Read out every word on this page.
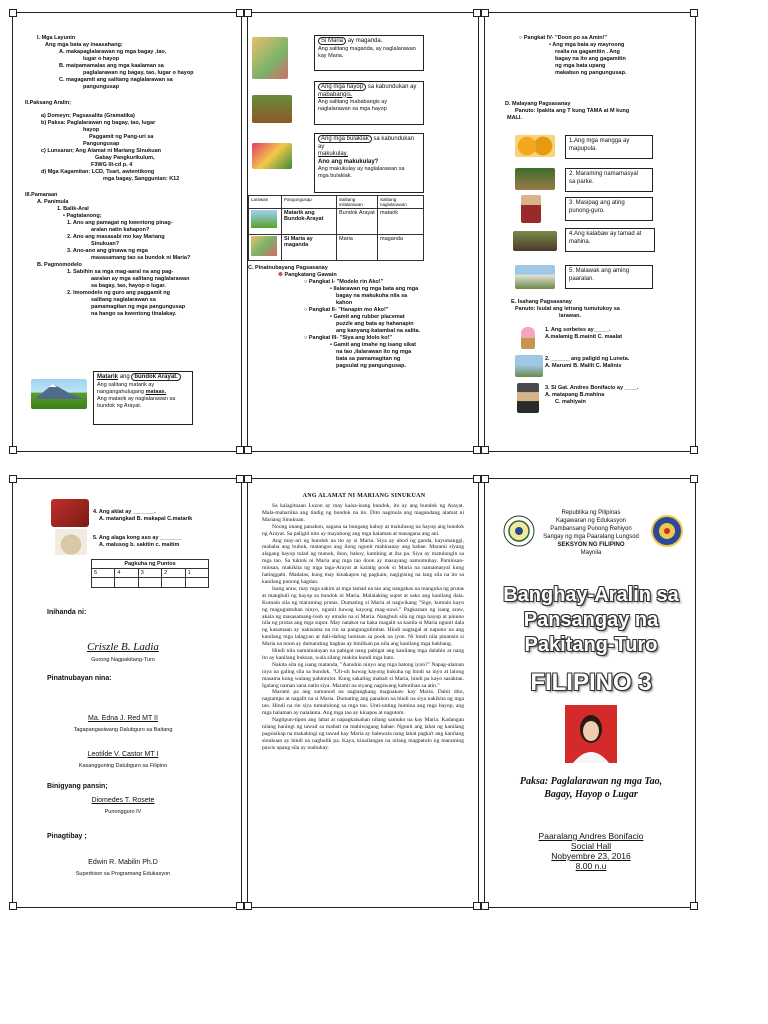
I. Mga Layunin
Ang mga bata ay inaasahang;
A. makapaglalarawan ng mga bagay ,tao,
lugar o hayop
B. maipamamalas ang mga kaalaman sa
paglalarawan ng bagay, tao, lugar o hayop
C. magagamit ang salitang naglalarawan sa
pangungusap
II.Paksang Aralin;
a) Domeyn; Pagsasalita (Gramatika)
b) Paksa: Paglalarawan ng bagay, tao, lugar
hayop
Paggamit ng Pang-uri sa
Pangungusap
c) Lunsaran; Ang Alamat ni Mariang Sinukuan
Gabay Pangkurikulum,
F3WG IIl-cd p. 4
d) Mga Kagamitan: LCD, Tsart, awtentikong
mga bagay, Sanggunian: K12
III.Pamaraan
A. Panimula
1. Balik-Aral
• Pagtatanong;
1. Ano ang pamagat ng kwentong pinag-
aralan natin kahapon?
2. Ano ang masasabi mo kay Mariang
Sinukuan?
3. Ano-ano ang ginawa ng mga
masasamang tao sa bundok ni Maria?
B. Pagmomodelo
1. Sabihin sa mga mag-aaral na ang pag-
aaralan ay mga salitang naglalarawan
sa bagay, tao, hayop o lugar.
2. Imomodelo ng guro ang paggamit ng
salitang naglalarawan sa
pamamagitan ng mga pangungusap
na hango sa kwentong tinalakay.
Matarik ang bundok Arayat.
Ang salitang matarik ay
nangangahulugang mataas.
Ang matarik ay naglalarawan sa
bundok ng Arayat.
Si Maria ay maganda.
Ang salitang maganda, ay naglalarawan
kay Maria.
Ang mga hayop sa kabundukan ay
mababangis.
Ang salitang mababangis ay
naglalarawan sa mga hayop
Ang mga bulaklak sa kabundukan ay
makukulay.
Ano ang makukulay?
Ang makukulay ay naglalarawan sa
mga bulaklak.
Larawan	Pangungusap	Salitang inilalarawan	Salitang naglalarawan

	Matarik ang Bundok-Arayat	Bundok Arayat	matarik

	Si Maria ay maganda	Maria	maganda
C. Pinatnubayang Pagsasanay
☸ Pangkatang Gawain
○ Pangkat I- "Modelo rin Ako!"
• Ilalarawan ng mga bata ang mga
bagay na makukuha nila sa
kahon
○ Pangkat II- "Hanapin mo Ako!"
• Gamit ang rubber placemat
puzzle ang bata ay hahanapin
ang kanyang katambal na salita.
○ Pangkat III- "Siya ang Idolo ko!"
• Gamit ang imahe ng isang sikat
na tao ,ilalarawan ito ng mga
bata sa pamamagitan ng
pagsulat ng pangungusap.
○ Pangkat IV- "Doon po sa Amin!"
• Ang mga bata ay mayroong
realia na gagamitin . Ang
bagay na ito ang gagamitin
ng mga bata upang
makabuo ng pangungusap.
D. Malayang Pagsasanay
Panuto: Ipakita ang T kung TAMA at M kung
MALI.
1.Ang mga mangga ay
mapupula.
2. Maraming namamasyal
sa parke.
3. Masipag ang ating
punong-guro.
4.Ang kalabaw ay tamad at
mahina.
5. Malawak ang aming
paaralan.
E. Isahang Pagsasanay
Panuto: Isulat ang letrang tumutukoy sa
larawan.
1. Ang sorbetes ay_____.
A.malamig B.mainit C. maalat
2. ______ ang paligid ng Luneta.
A. Marumi B. Malilt C. Malinis
3. Si Gat. Andres Bonifacio ay ____.
A. matapang B.mahina
C. mahiyain
4. Ang aklat ay _______.
A. matangkad B. makapal C.matarik
5. Ang alaga kong aso ay _______
A. malusog b. sakitin c. maitim
Pagkuha ng Puntos				
5	4	3	2	1

Inihanda ni:
Criszle B. Ladia
Gurong Nagpakitang-Turo
Pinatnubayan nina:
Ma. Edna J. Red MT II
Tagapangasiwang Dalubguro sa Baitang
Leotilde V. Castor MT I
Kasangguning Dalubguro sa Filipino
Binigyang pansin;
Diomedes T. Rosete
Punongguro IV
Pinagtibay ;
Edwin R. Mabilin Ph.D
Superbisor sa Programang Edukasyon
ANG ALAMAT NI MARIANG SINUKUAN

Sa kalagitnaan Luzon ay may kaisa-isang bundok, ito ay ang bundok ng Arayat. Mala-mahariika ang tindig ng bundok na ito. Dito nagmula ang magandang alamat ni Mariang Sinukuan.

Noong unang panahon, sagana sa bungang kahoy at malulusog na hayop ang bundok ng Arayat. Sa paligid nito ay mayabong ang mga halaman at masagana ang ani.

Ang may-ari ng bundok na ito ay si Maria. Siya ay ubod ng ganda, kayumanggi, mahaba ang buhok, matangos ang ilong ngunit mahinanay ang babae. Marami siyang alagang hayop tulad ng manok, ibon, baboy, kambing at iba pa. Siya ay matulungin sa mga tao. Sa tuktok ni Maria ang mga tao doon ay masayang namumuhay. Paminsan-minsan, makikita ng mga taga-Arayat at karatig pook si Maria na namamasyal kung hatinggabi. Madalas, kung may kinakapos ng pagkain, nagigising na lang sila na ito sa kanilang punong hagdan.

Isang araw, may mga sakim at mga tamad na tao ang nangahas na manguha ng prutas at manghuli ng hayop sa bundok ni Maria. Malalaking supot at sako ang kanilang dala. Kumain sila ng maraming prutas. Dumating si Maria at nagwikang "Sige, kumain kayo ng magugustuhan ninyo, ngunit huwag kayong mag-uuwi." Pagkaraan ng isang araw, akala ng masasamang-loob ay umalis na si Maria. Nanghuli sila ng mga hayop at pinuno nila ng prutas ang mga supot. May natakot na baka magalit sa kanila si Maria ngunit dala ng kasamaan ay nakisama na rin sa pangungulimbat. Hindi nagtagal at napuno na ang kanilang mga lalagyan at dali-daling lumisan sa pook na iyon. Ni hindi nila pinansin si Maria na noon ay dumarating bagkus ay binilisan pa nila ang kanilang mga hakbang.

Hindi nila namamalayan na pabigat nang pabigat ang kanilang mga dalahin at nang ito ay kanilang buksan, wala silang makita kundi mga bato.

Nakita sila ng isang matanda, "Aanuhin ninyo ang mga batong iyon?" Napag-alaman niya na galing sila sa bundok. "Uli-uli huwag kayong kukuha ng hindi sa inyo at lalong masama kung walang pahintulot. Kung sakaling mabait si Maria, hindi pa kayo sasaktan. Igalang naman sana natin siya. Marami na siyang nagawang kabutihan sa atin."

Marami pa ang sumunod na nagtangkang magnakaw kay Maria. Dahil dito, nagtampo at nagalit na si Maria. Dumating ang panahon na hindi na siya nakikita ng mga tao. Hindi na rin siya tumutulong sa mga tao. Unti-unting humina ang mga hayop, ang mga halaman ay nalalanta. Ang mga tao ay kinapos at nagutom.

Nagtipun-tipon ang lahat at napagkaisahan nilang samuko na kay Maria. Kadangan nilang haningi ng tawad sa mabait na mahiwagang babae. Ngunit ang lahat ng kanilang pagsisikap na makahingi ng tawad kay Maria ay balewala nang lahat pagka't ang kanilang sinukuan ay hindi na naghulik pa. Kaya, kinailangan na nilang magpatulo ng maraming pawis upang sila ay mabuhay.

Republika ng Pilipinas
Kagawaran ng Edukasyon
Pambansang Punong Rehiyon
Sangay ng mga Paaralang Lungsod
SEKSYON NG FILIPINO
Maynila
Banghay-Aralin sa
Pansangay na
Pakitang-Turo
FILIPINO 3
Paksa: Paglalarawan ng mga Tao,
Bagay, Hayop o Lugar
Paaralang Andres Bonifacio
Social Hall
Nobyembre 23, 2016
8.00 n.u
